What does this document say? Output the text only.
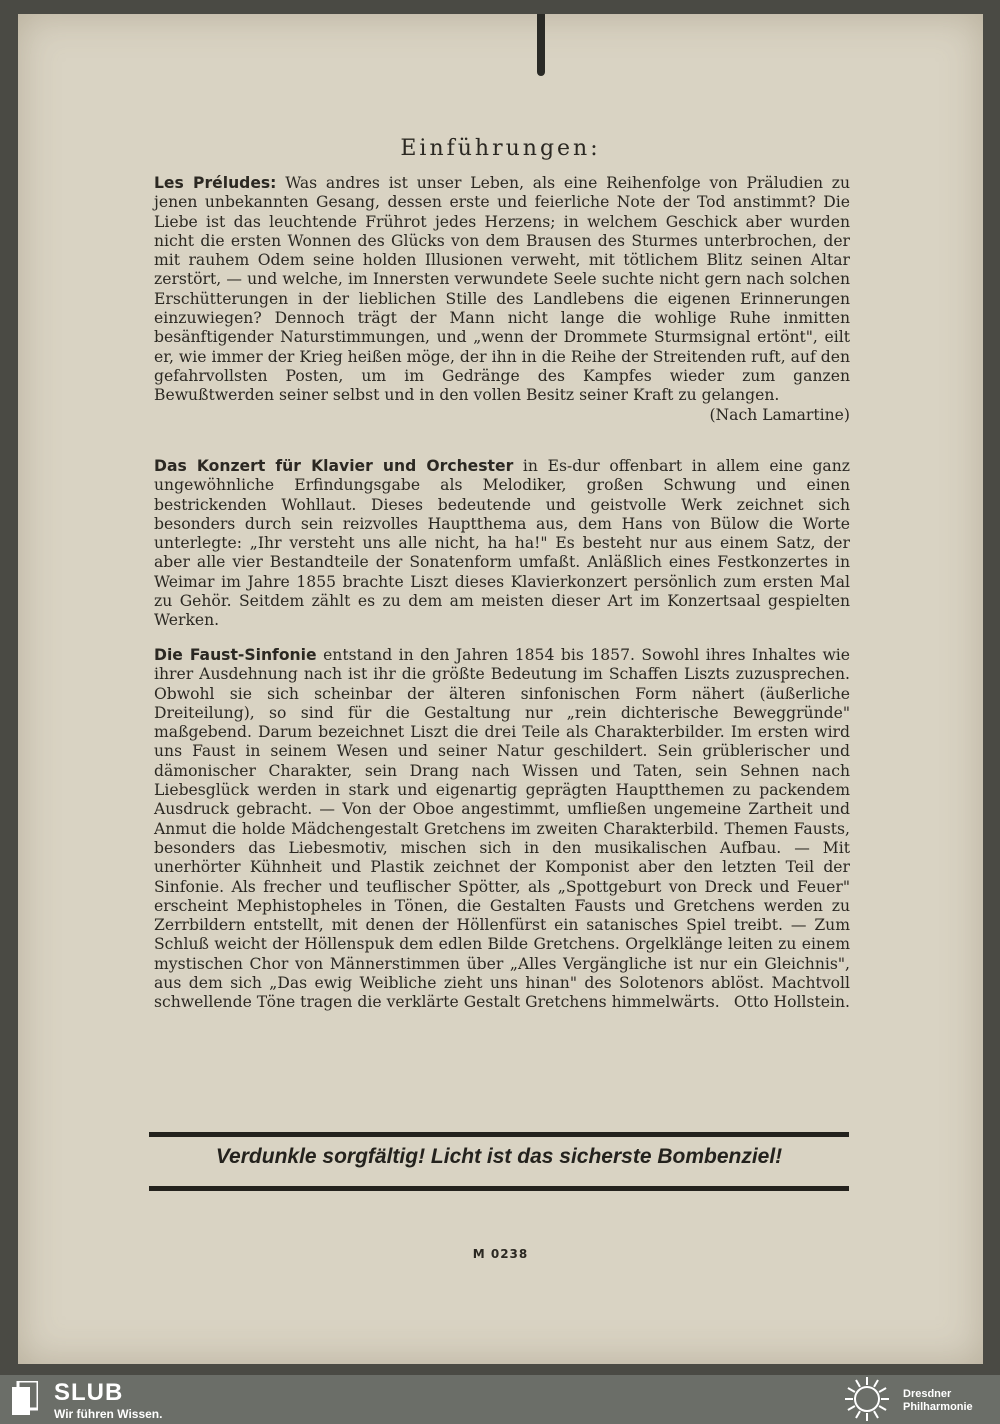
Einführungen:
Les Préludes: Was andres ist unser Leben, als eine Reihenfolge von Präludien zu jenen unbekannten Gesang, dessen erste und feierliche Note der Tod anstimmt? Die Liebe ist das leuchtende Frührot jedes Herzens; in welchem Geschick aber wurden nicht die ersten Wonnen des Glücks von dem Brausen des Sturmes unterbrochen, der mit rauhem Odem seine holden Illusionen verweht, mit tötlichem Blitz seinen Altar zerstört, — und welche, im Innersten verwundete Seele suchte nicht gern nach solchen Erschütterungen in der lieblichen Stille des Landlebens die eigenen Erinnerungen einzuwiegen? Dennoch trägt der Mann nicht lange die wohlige Ruhe inmitten besänftigender Naturstimmungen, und „wenn der Drommete Sturmsignal ertönt", eilt er, wie immer der Krieg heißen möge, der ihn in die Reihe der Streitenden ruft, auf den gefahrvollsten Posten, um im Gedränge des Kampfes wieder zum ganzen Bewußtwerden seiner selbst und in den vollen Besitz seiner Kraft zu gelangen.
(Nach Lamartine)
Das Konzert für Klavier und Orchester in Es-dur offenbart in allem eine ganz ungewöhnliche Erfindungsgabe als Melodiker, großen Schwung und einen bestrickenden Wohllaut. Dieses bedeutende und geistvolle Werk zeichnet sich besonders durch sein reizvolles Hauptthema aus, dem Hans von Bülow die Worte unterlegte: „Ihr versteht uns alle nicht, ha ha!" Es besteht nur aus einem Satz, der aber alle vier Bestandteile der Sonatenform umfaßt. Anläßlich eines Festkonzertes in Weimar im Jahre 1855 brachte Liszt dieses Klavierkonzert persönlich zum ersten Mal zu Gehör. Seitdem zählt es zu dem am meisten dieser Art im Konzertsaal gespielten Werken.
Die Faust-Sinfonie entstand in den Jahren 1854 bis 1857. Sowohl ihres Inhaltes wie ihrer Ausdehnung nach ist ihr die größte Bedeutung im Schaffen Liszts zuzusprechen. Obwohl sie sich scheinbar der älteren sinfonischen Form nähert (äußerliche Dreiteilung), so sind für die Gestaltung nur „rein dichterische Beweggründe" maßgebend. Darum bezeichnet Liszt die drei Teile als Charakterbilder. Im ersten wird uns Faust in seinem Wesen und seiner Natur geschildert. Sein grüblerischer und dämonischer Charakter, sein Drang nach Wissen und Taten, sein Sehnen nach Liebesglück werden in stark und eigenartig geprägten Hauptthemen zu packendem Ausdruck gebracht. — Von der Oboe angestimmt, umfließen ungemeine Zartheit und Anmut die holde Mädchengestalt Gretchens im zweiten Charakterbild. Themen Fausts, besonders das Liebesmotiv, mischen sich in den musikalischen Aufbau. — Mit unerhörter Kühnheit und Plastik zeichnet der Komponist aber den letzten Teil der Sinfonie. Als frecher und teuflischer Spötter, als „Spottgeburt von Dreck und Feuer" erscheint Mephistopheles in Tönen, die Gestalten Fausts und Gretchens werden zu Zerrbildern entstellt, mit denen der Höllenfürst ein satanisches Spiel treibt. — Zum Schluß weicht der Höllenspuk dem edlen Bilde Gretchens. Orgelklänge leiten zu einem mystischen Chor von Männerstimmen über „Alles Vergängliche ist nur ein Gleichnis", aus dem sich „Das ewig Weibliche zieht uns hinan" des Solotenors ablöst. Machtvoll schwellende Töne tragen die verklärte Gestalt Gretchens himmelwärts. Otto Hollstein.
Verdunkle sorgfältig! Licht ist das sicherste Bombenziel!
M 0238
SLUB
Wir führen Wissen.
Dresdner
Philharmonie
